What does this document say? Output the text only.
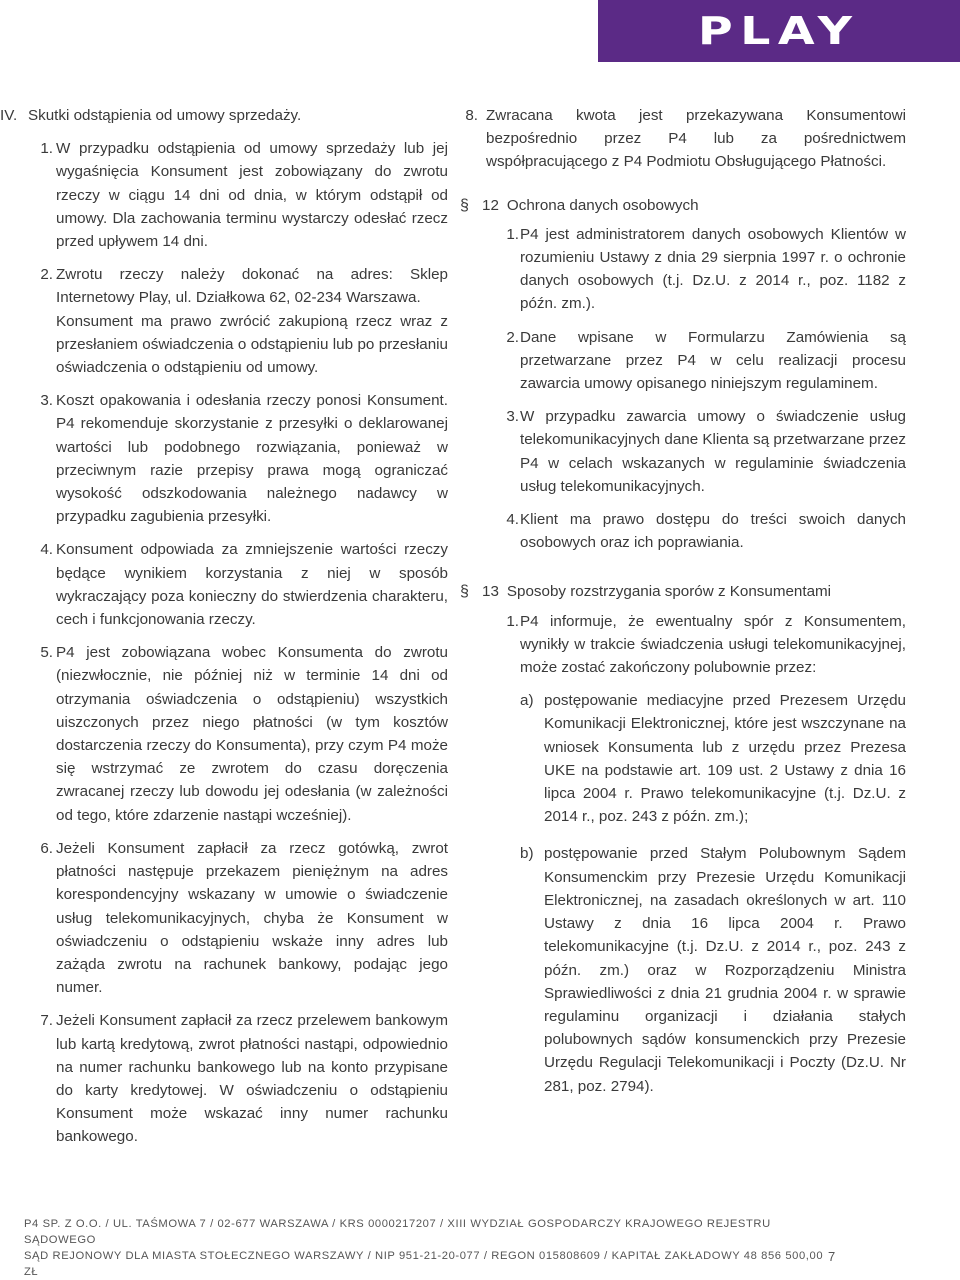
PLAY
IV. Skutki odstąpienia od umowy sprzedaży.
1. W przypadku odstąpienia od umowy sprzedaży lub jej wygaśnięcia Konsument jest zobowiązany do zwrotu rzeczy w ciągu 14 dni od dnia, w którym odstąpił od umowy. Dla zachowania terminu wystarczy odesłać rzecz przed upływem 14 dni.
2. Zwrotu rzeczy należy dokonać na adres: Sklep Internetowy Play, ul. Działkowa 62, 02-234 Warszawa.
Konsument ma prawo zwrócić zakupioną rzecz wraz z przesłaniem oświadczenia o odstąpieniu lub po przesłaniu oświadczenia o odstąpieniu od umowy.
3. Koszt opakowania i odesłania rzeczy ponosi Konsument. P4 rekomenduje skorzystanie z przesyłki o deklarowanej wartości lub podobnego rozwiązania, ponieważ w przeciwnym razie przepisy prawa mogą ograniczać wysokość odszkodowania należnego nadawcy w przypadku zagubienia przesyłki.
4. Konsument odpowiada za zmniejszenie wartości rzeczy będące wynikiem korzystania z niej w sposób wykraczający poza konieczny do stwierdzenia charakteru, cech i funkcjonowania rzeczy.
5. P4 jest zobowiązana wobec Konsumenta do zwrotu (niezwłocznie, nie później niż w terminie 14 dni od otrzymania oświadczenia o odstąpieniu) wszystkich uiszczonych przez niego płatności (w tym kosztów dostarczenia rzeczy do Konsumenta), przy czym P4 może się wstrzymać ze zwrotem do czasu doręczenia zwracanej rzeczy lub dowodu jej odesłania (w zależności od tego, które zdarzenie nastąpi wcześniej).
6. Jeżeli Konsument zapłacił za rzecz gotówką, zwrot płatności następuje przekazem pieniężnym na adres korespondencyjny wskazany w umowie o świadczenie usług telekomunikacyjnych, chyba że Konsument w oświadczeniu o odstąpieniu wskaże inny adres lub zażąda zwrotu na rachunek bankowy, podając jego numer.
7. Jeżeli Konsument zapłacił za rzecz przelewem bankowym lub kartą kredytową, zwrot płatności nastąpi, odpowiednio na numer rachunku bankowego lub na konto przypisane do karty kredytowej. W oświadczeniu o odstąpieniu Konsument może wskazać inny numer rachunku bankowego.
8. Zwracana kwota jest przekazywana Konsumentowi bezpośrednio przez P4 lub za pośrednictwem współpracującego z P4 Podmiotu Obsługującego Płatności.
§ 12 Ochrona danych osobowych
1. P4 jest administratorem danych osobowych Klientów w rozumieniu Ustawy z dnia 29 sierpnia 1997 r. o ochronie danych osobowych (t.j. Dz.U. z 2014 r., poz. 1182 z późn. zm.).
2. Dane wpisane w Formularzu Zamówienia są przetwarzane przez P4 w celu realizacji procesu zawarcia umowy opisanego niniejszym regulaminem.
3. W przypadku zawarcia umowy o świadczenie usług telekomunikacyjnych dane Klienta są przetwarzane przez P4 w celach wskazanych w regulaminie świadczenia usług telekomunikacyjnych.
4. Klient ma prawo dostępu do treści swoich danych osobowych oraz ich poprawiania.
§ 13 Sposoby rozstrzygania sporów z Konsumentami
1. P4 informuje, że ewentualny spór z Konsumentem, wynikły w trakcie świadczenia usługi telekomunikacyjnej, może zostać zakończony polubownie przez:
a) postępowanie mediacyjne przed Prezesem Urzędu Komunikacji Elektronicznej, które jest wszczynane na wniosek Konsumenta lub z urzędu przez Prezesa UKE na podstawie art. 109 ust. 2 Ustawy z dnia 16 lipca 2004 r. Prawo telekomunikacyjne (t.j. Dz.U. z 2014 r., poz. 243 z późn. zm.);
b) postępowanie przed Stałym Polubownym Sądem Konsumenckim przy Prezesie Urzędu Komunikacji Elektronicznej, na zasadach określonych w art. 110 Ustawy z dnia 16 lipca 2004 r. Prawo telekomunikacyjne (t.j. Dz.U. z 2014 r., poz. 243 z późn. zm.) oraz w Rozporządzeniu Ministra Sprawiedliwości z dnia 21 grudnia 2004 r. w sprawie regulaminu organizacji i działania stałych polubownych sądów konsumenckich przy Prezesie Urzędu Regulacji Telekomunikacji i Poczty (Dz.U. Nr 281, poz. 2794).
P4 SP. Z O.O. / UL. TAŚMOWA 7 / 02-677 WARSZAWA / KRS 0000217207 / XIII WYDZIAŁ GOSPODARCZY KRAJOWEGO REJESTRU SĄDOWEGO
SĄD REJONOWY DLA MIASTA STOŁECZNEGO WARSZAWY / NIP 951-21-20-077 / REGON 015808609 / KAPITAŁ ZAKŁADOWY 48 856 500,00 ZŁ
7
